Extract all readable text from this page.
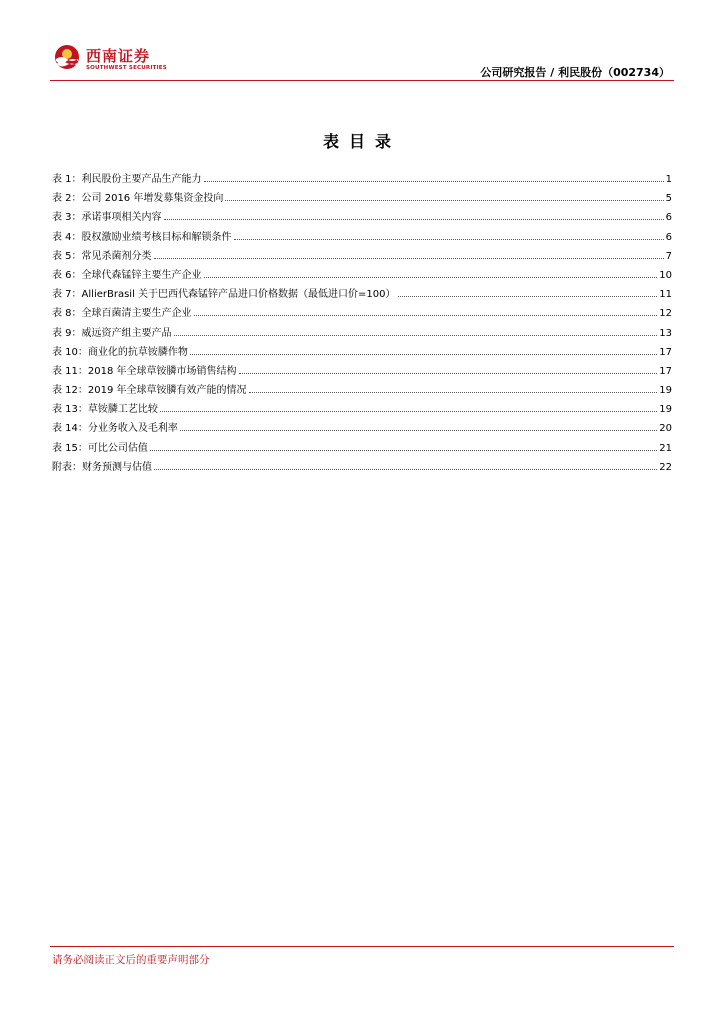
西南证券
SOUTHWEST SECURITIES	公司研究报告 / 利民股份（002734）
表目录
表 1：利民股份主要产品生产能力	1
表 2：公司 2016 年增发募集资金投向	5
表 3：承诺事项相关内容	6
表 4：股权激励业绩考核目标和解锁条件	6
表 5：常见杀菌剂分类	7
表 6：全球代森锰锌主要生产企业	10
表 7：AllierBrasil 关于巴西代森锰锌产品进口价格数据（最低进口价=100）	11
表 8：全球百菌清主要生产企业	12
表 9：威远资产组主要产品	13
表 10：商业化的抗草铵膦作物	17
表 11：2018 年全球草铵膦市场销售结构	17
表 12：2019 年全球草铵膦有效产能的情况	19
表 13：草铵膦工艺比较	19
表 14：分业务收入及毛利率	20
表 15：可比公司估值	21
附表：财务预测与估值	22
请务必阅读正文后的重要声明部分
